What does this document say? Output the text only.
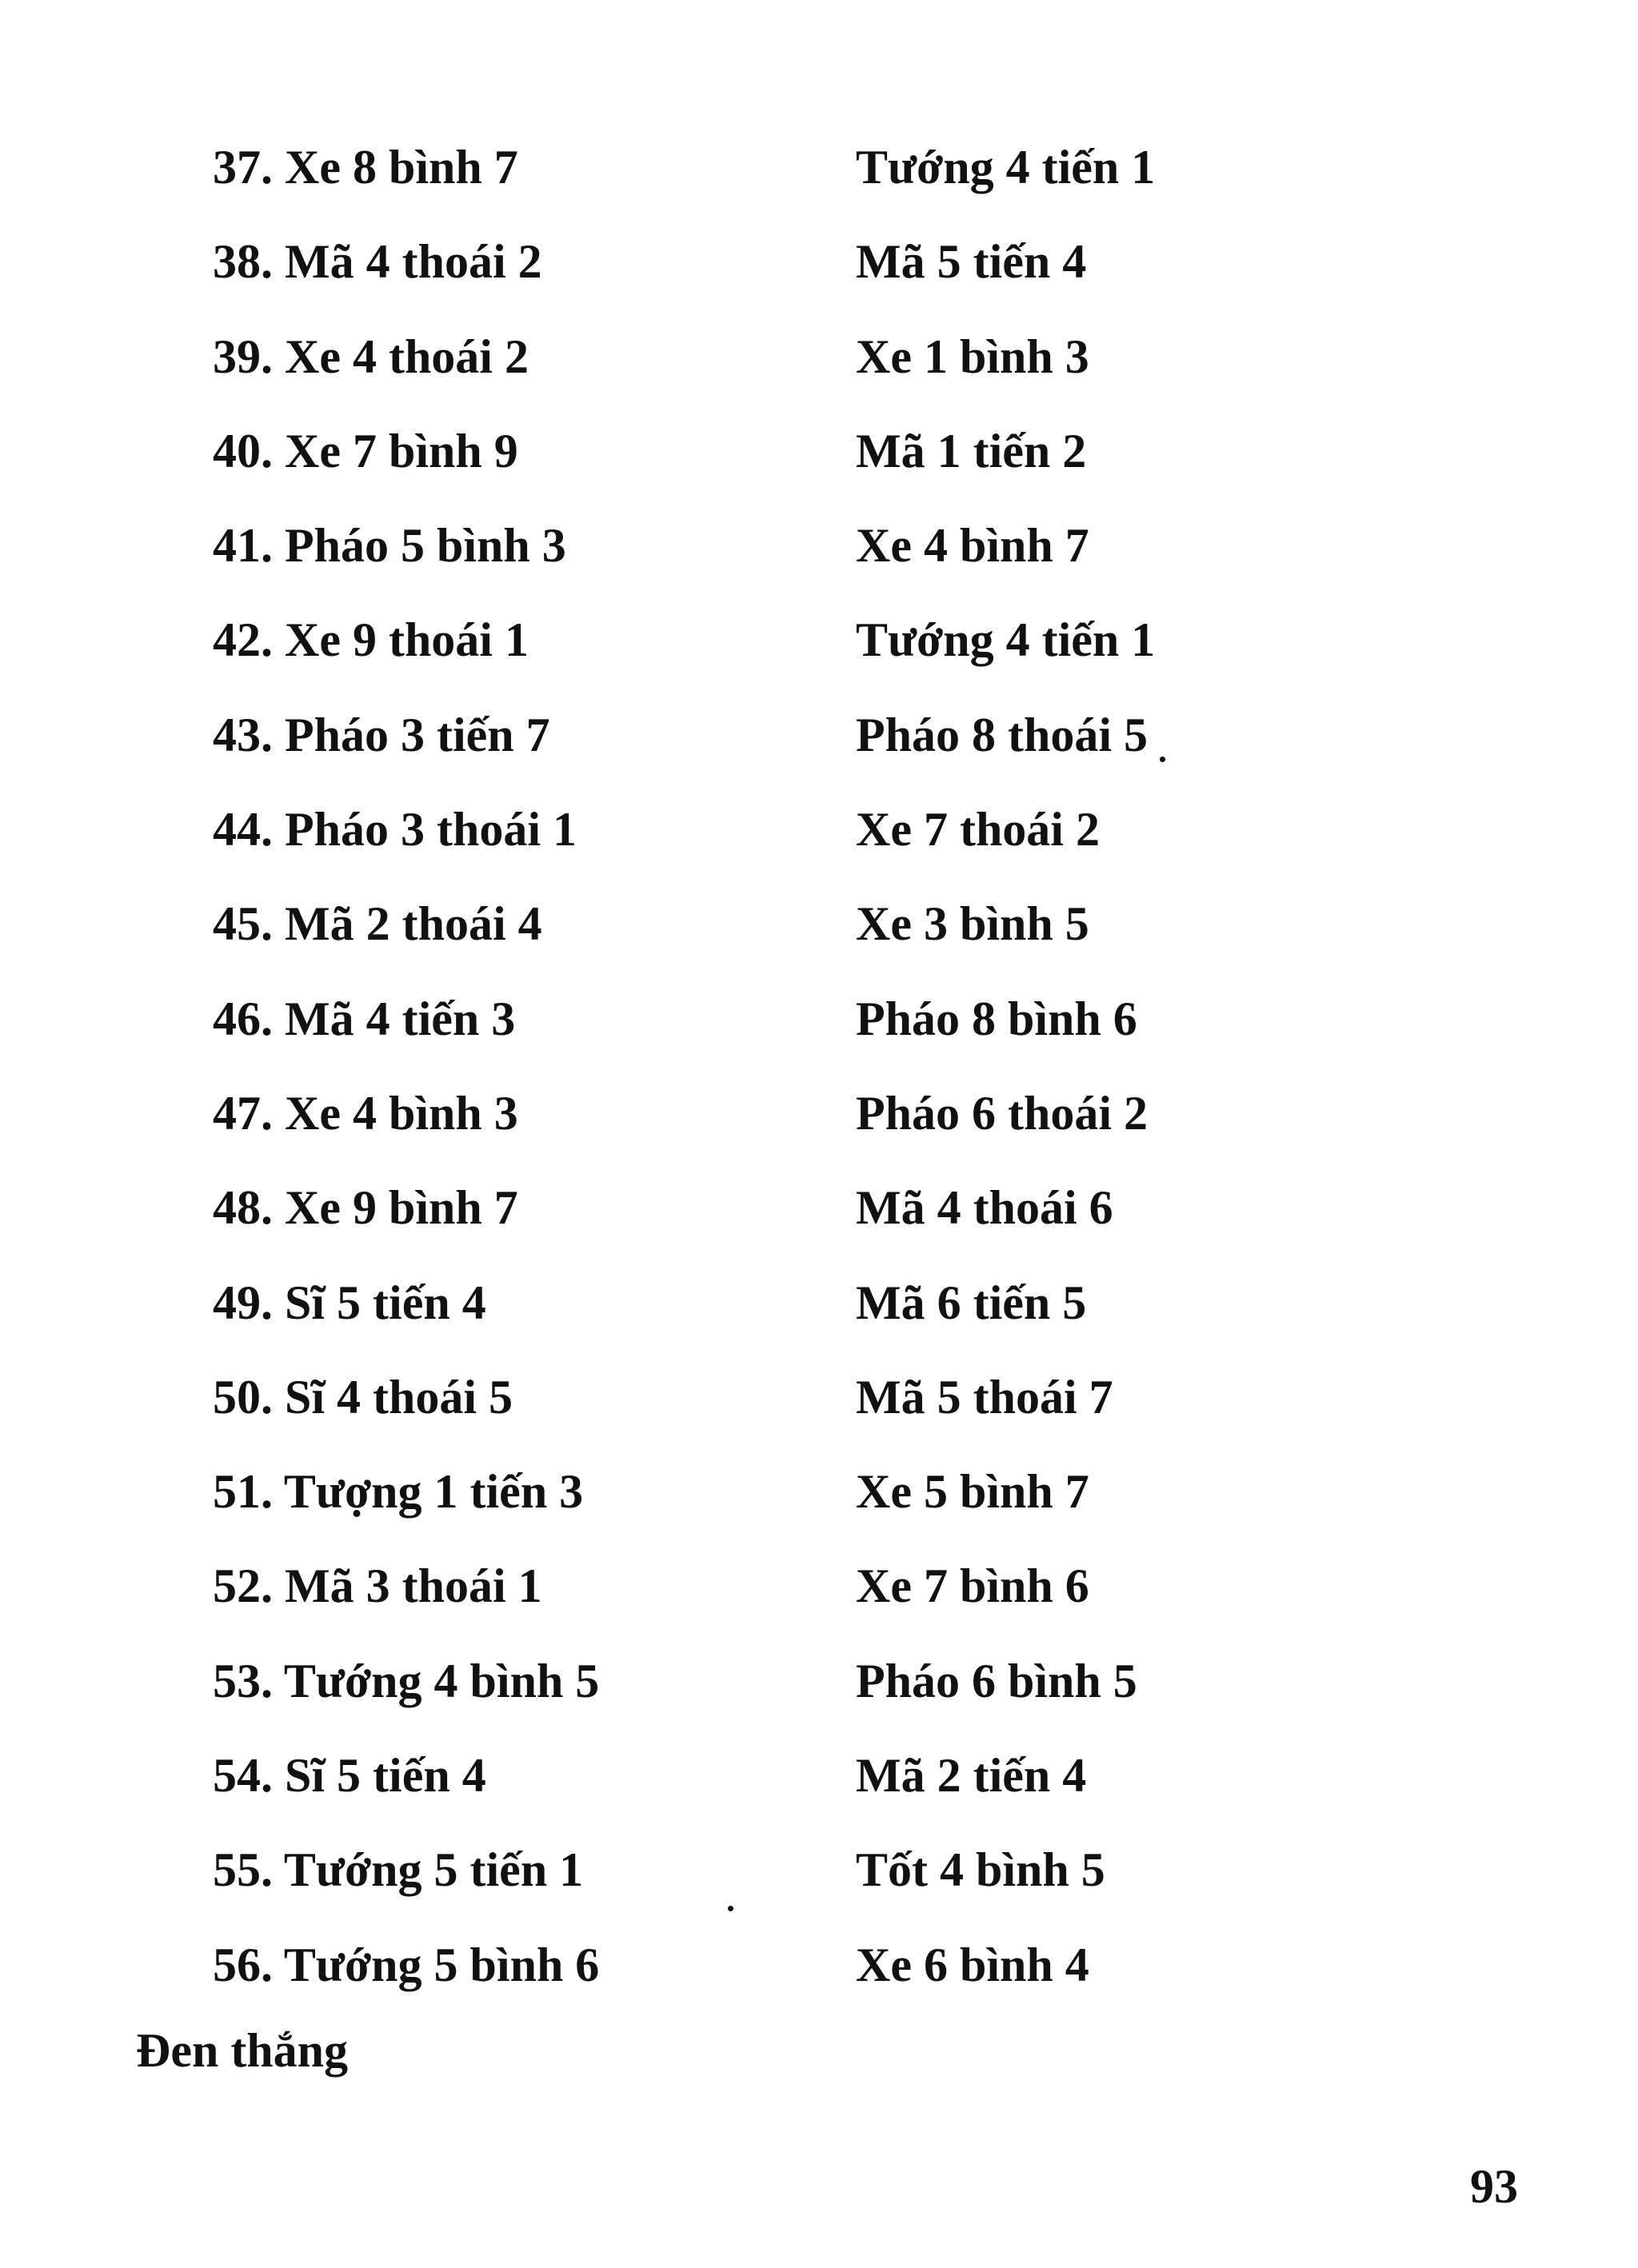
37. Xe 8 bình 7	Tướng 4 tiến 1
38. Mã 4 thoái 2	Mã 5 tiến 4
39. Xe 4 thoái 2	Xe 1 bình 3
40. Xe 7 bình 9	Mã 1 tiến 2
41. Pháo 5 bình 3	Xe 4 bình 7
42. Xe 9 thoái 1	Tướng 4 tiến 1
43. Pháo 3 tiến 7	Pháo 8 thoái 5
44. Pháo 3 thoái 1	Xe 7 thoái 2
45. Mã 2 thoái 4	Xe 3 bình 5
46. Mã 4 tiến 3	Pháo 8 bình 6
47. Xe 4 bình 3	Pháo 6 thoái 2
48. Xe 9 bình 7	Mã 4 thoái 6
49. Sĩ 5 tiến 4	Mã 6 tiến 5
50. Sĩ 4 thoái 5	Mã 5 thoái 7
51. Tượng 1 tiến 3	Xe 5 bình 7
52. Mã 3 thoái 1	Xe 7 bình 6
53. Tướng 4 bình 5	Pháo 6 bình 5
54. Sĩ 5 tiến 4	Mã 2 tiến 4
55. Tướng 5 tiến 1	Tốt 4 bình 5
56. Tướng 5 bình 6	Xe 6 bình 4
Đen thắng
93
